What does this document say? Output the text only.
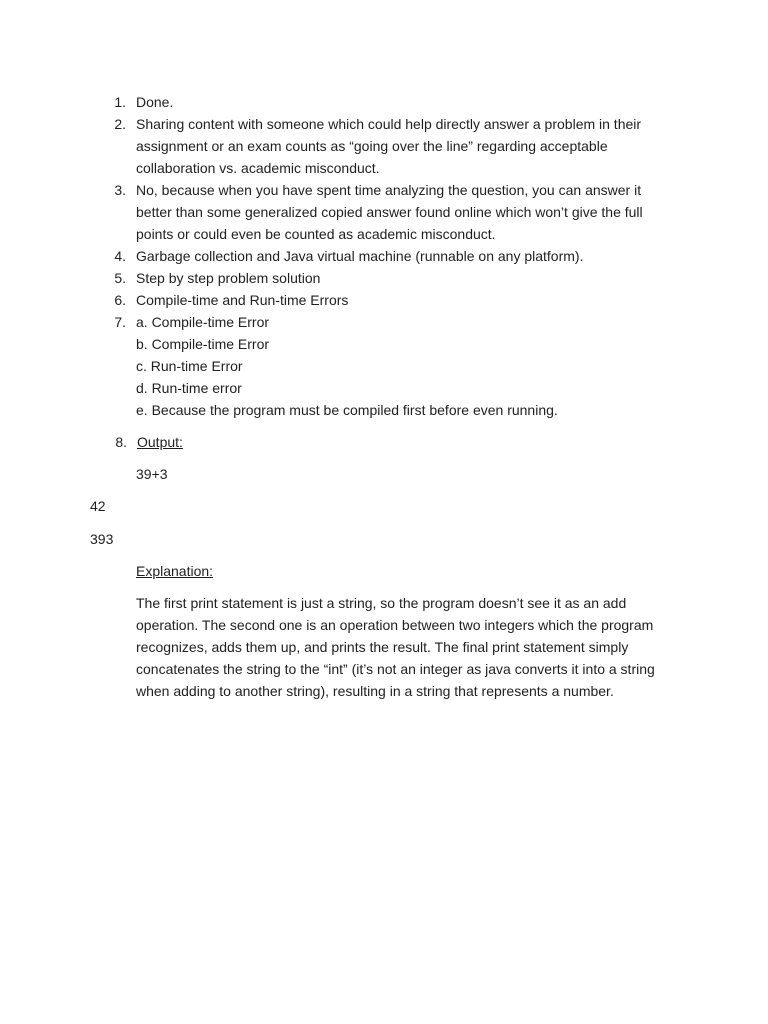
1. Done.
2. Sharing content with someone which could help directly answer a problem in their
assignment or an exam counts as “going over the line” regarding acceptable
collaboration vs. academic misconduct.
3. No, because when you have spent time analyzing the question, you can answer it
better than some generalized copied answer found online which won’t give the full
points or could even be counted as academic misconduct.
4. Garbage collection and Java virtual machine (runnable on any platform).
5. Step by step problem solution
6. Compile-time and Run-time Errors
7. a. Compile-time Error
b. Compile-time Error
c. Run-time Error
d. Run-time error
e. Because the program must be compiled first before even running.
8. Output:
39+3
42
393
Explanation:
The first print statement is just a string, so the program doesn’t see it as an add
operation. The second one is an operation between two integers which the program
recognizes, adds them up, and prints the result. The final print statement simply
concatenates the string to the “int” (it’s not an integer as java converts it into a string
when adding to another string), resulting in a string that represents a number.
